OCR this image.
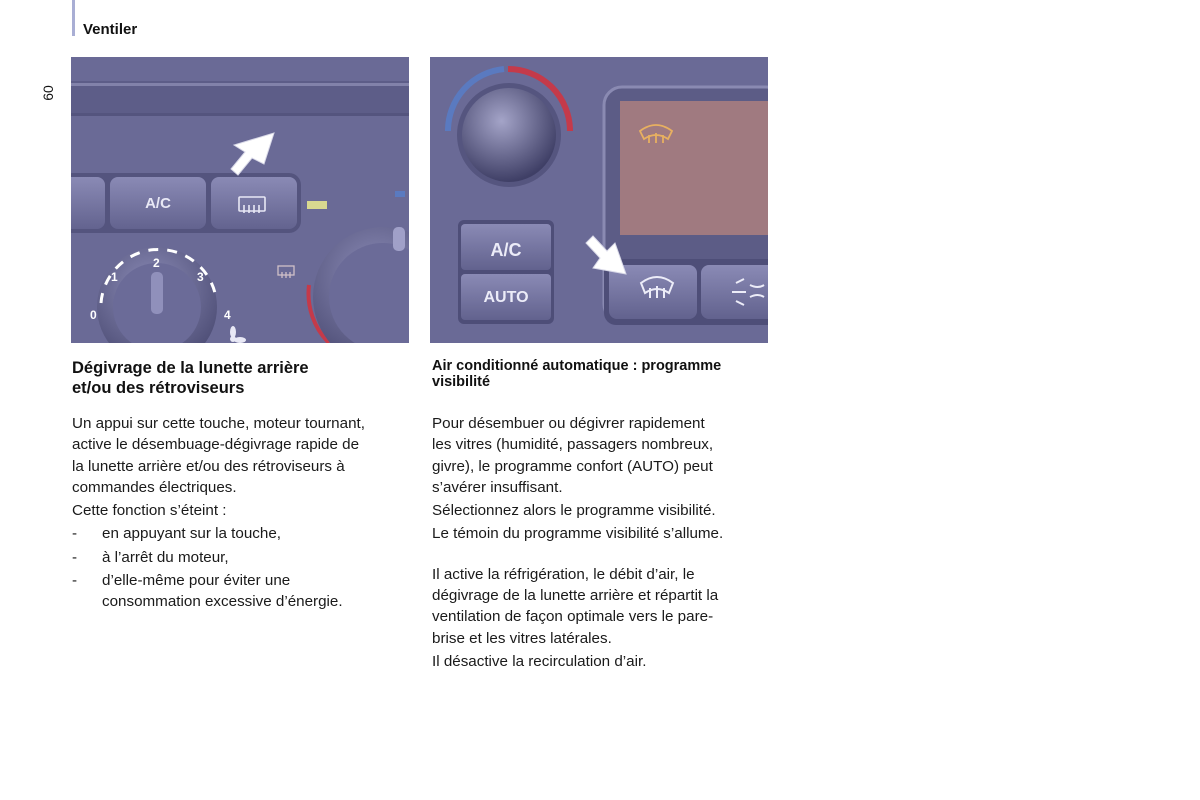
Ventiler
60
A/C
0
1
2
3
4
A/C
AUTO
Dégivrage de la lunette arrière
et/ou des rétroviseurs

Un appui sur cette touche, moteur tournant,
active le désembuage-dégivrage rapide de
la lunette arrière et/ou des rétroviseurs à
commandes électriques.

Cette fonction s’éteint :

- en appuyant sur la touche,
- à l’arrêt du moteur,
- d’elle-même pour éviter une
consommation excessive d’énergie.
Air conditionné automatique : programme
visibilité

Pour désembuer ou dégivrer rapidement
les vitres (humidité, passagers nombreux,
givre), le programme confort (AUTO) peut
s’avérer insuffisant.

Sélectionnez alors le programme visibilité.

Le témoin du programme visibilité s’allume.

Il active la réfrigération, le débit d’air, le
dégivrage de la lunette arrière et répartit la
ventilation de façon optimale vers le pare-
brise et les vitres latérales.

Il désactive la recirculation d’air.
